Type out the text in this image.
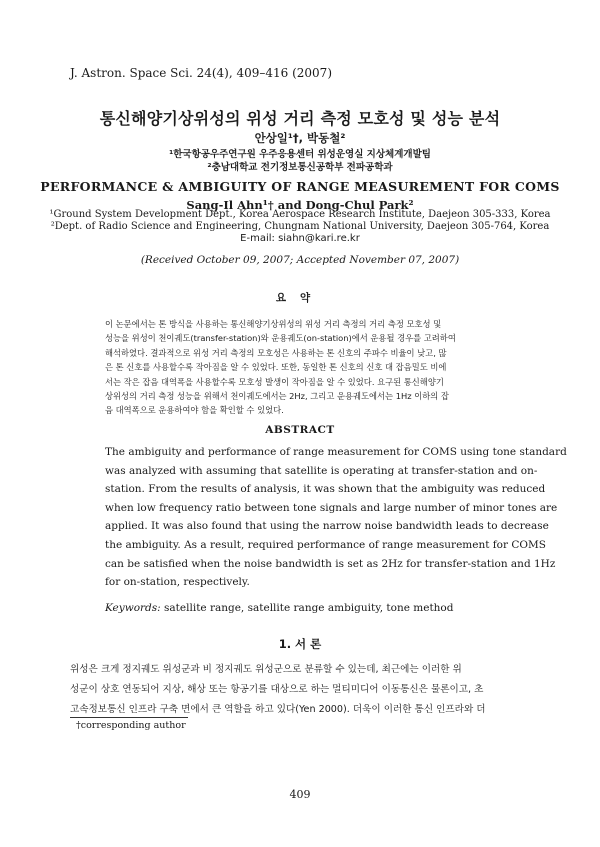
J. Astron. Space Sci. 24(4), 409–416 (2007)
통신해양기상위성의 위성 거리 측정 모호성 및 성능 분석
안상일¹†, 박동철²
¹한국항공우주연구원 우주응용센터 위성운영실 지상체계개발팀
²충남대학교 전기정보통신공학부 전파공학과
PERFORMANCE & AMBIGUITY OF RANGE MEASUREMENT FOR COMS
Sang-Il Ahn¹† and Dong-Chul Park²
¹Ground System Development Dept., Korea Aerospace Research Institute, Daejeon 305-333, Korea
²Dept. of Radio Science and Engineering, Chungnam National University, Daejeon 305-764, Korea
E-mail: siahn@kari.re.kr
(Received October 09, 2007; Accepted November 07, 2007)
요약
이 논문에서는 톤 방식을 사용하는 통신해양기상위성의 위성 거리 측정의 거리 측정 모호성 및
성능을 위성이 천이궤도(transfer-station)와 운용궤도(on-station)에서 운용될 경우를 고려하여
해석하였다. 결과적으로 위성 거리 측정의 모호성은 사용하는 톤 신호의 주파수 비율이 낮고, 많
은 톤 신호를 사용할수록 작아짐을 알 수 있었다. 또한, 동일한 톤 신호의 신호 대 잡음밀도 비에
서는 작은 잡음 대역폭을 사용할수록 모호성 발생이 작아짐을 알 수 있었다. 요구된 통신해양기
상위성의 거리 측정 성능을 위해서 천이궤도에서는 2Hz, 그리고 운용궤도에서는 1Hz 이하의 잡
음 대역폭으로 운용하여야 함을 확인할 수 있었다.
ABSTRACT
The ambiguity and performance of range measurement for COMS using tone standard
was analyzed with assuming that satellite is operating at transfer-station and on-
station. From the results of analysis, it was shown that the ambiguity was reduced
when low frequency ratio between tone signals and large number of minor tones are
applied. It was also found that using the narrow noise bandwidth leads to decrease
the ambiguity. As a result, required performance of range measurement for COMS
can be satisfied when the noise bandwidth is set as 2Hz for transfer-station and 1Hz
for on-station, respectively.
Keywords: satellite range, satellite range ambiguity, tone method
1. 서 론
위성은 크게 정지궤도 위성군과 비 정지궤도 위성군으로 분류할 수 있는데, 최근에는 이러한 위
성군이 상호 연동되어 지상, 해상 또는 항공기를 대상으로 하는 멀티미디어 이동통신은 물론이고, 초
고속정보통신 인프라 구축 면에서 큰 역할을 하고 있다(Yen 2000). 더욱이 이러한 통신 인프라와 더
†corresponding author
409
